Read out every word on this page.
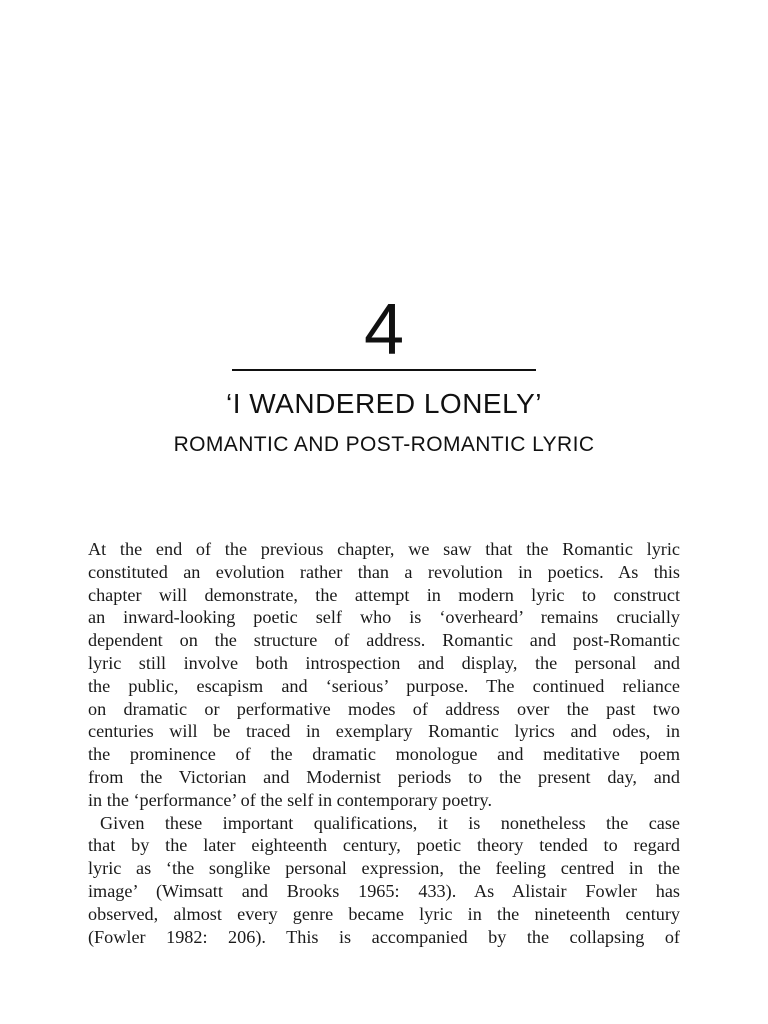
4
‘I WANDERED LONELY’
ROMANTIC AND POST-ROMANTIC LYRIC
At the end of the previous chapter, we saw that the Romantic lyric
constituted an evolution rather than a revolution in poetics. As this
chapter will demonstrate, the attempt in modern lyric to construct
an inward-looking poetic self who is ‘overheard’ remains crucially
dependent on the structure of address. Romantic and post-Romantic
lyric still involve both introspection and display, the personal and
the public, escapism and ‘serious’ purpose. The continued reliance
on dramatic or performative modes of address over the past two
centuries will be traced in exemplary Romantic lyrics and odes, in
the prominence of the dramatic monologue and meditative poem
from the Victorian and Modernist periods to the present day, and
in the ‘performance’ of the self in contemporary poetry.
Given these important qualifications, it is nonetheless the case
that by the later eighteenth century, poetic theory tended to regard
lyric as ‘the songlike personal expression, the feeling centred in the
image’ (Wimsatt and Brooks 1965: 433). As Alistair Fowler has
observed, almost every genre became lyric in the nineteenth century
(Fowler 1982: 206). This is accompanied by the collapsing of
